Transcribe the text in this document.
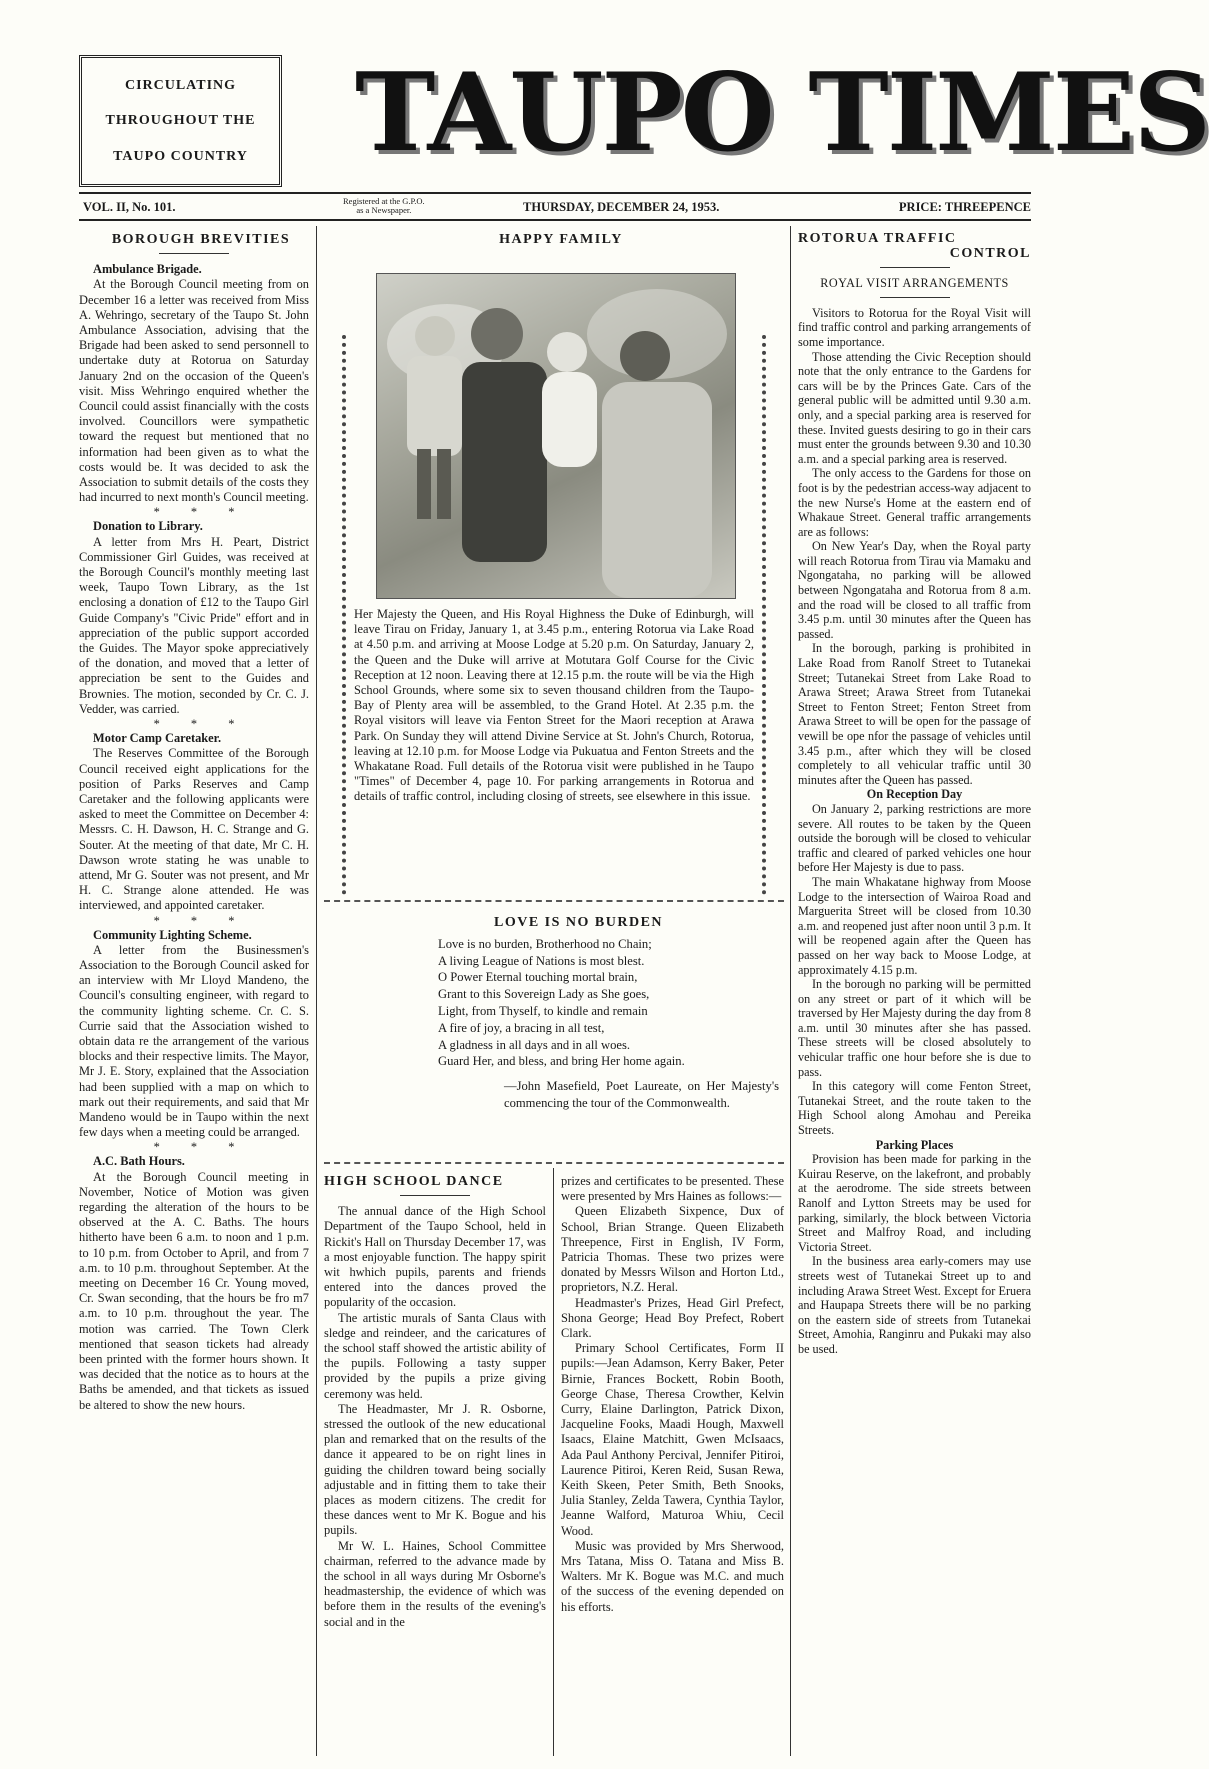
CIRCULATING
THROUGHOUT THE
TAUPO COUNTRY TAUPO TIMES
VOL. II, No. 101.	Registered at the G.P.O.
as a Newspaper.	THURSDAY, DECEMBER 24, 1953.	PRICE: THREEPENCE

BOROUGH BREVITIES

Ambulance Brigade.

At the Borough Council meeting from on December 16 a letter was received from Miss A. Wehringo, secretary of the Taupo St. John Ambulance Association, advising that the Brigade had been asked to send personnell to undertake duty at Rotorua on Saturday January 2nd on the occasion of the Queen's visit. Miss Wehringo enquired whether the Council could assist financially with the costs involved. Councillors were sympathetic toward the request but mentioned that no information had been given as to what the costs would be. It was decided to ask the Association to submit details of the costs they had incurred to next month's Council meeting.

* * *

Donation to Library.

A letter from Mrs H. Peart, District Commissioner Girl Guides, was received at the Borough Council's monthly meeting last week, Taupo Town Library, as the 1st enclosing a donation of £12 to the Taupo Girl Guide Company's "Civic Pride" effort and in appreciation of the public support accorded the Guides. The Mayor spoke appreciatively of the donation, and moved that a letter of appreciation be sent to the Guides and Brownies. The motion, seconded by Cr. C. J. Vedder, was carried.

* * *

Motor Camp Caretaker.

The Reserves Committee of the Borough Council received eight applications for the position of Parks Reserves and Camp Caretaker and the following applicants were asked to meet the Committee on December 4: Messrs. C. H. Dawson, H. C. Strange and G. Souter. At the meeting of that date, Mr C. H. Dawson wrote stating he was unable to attend, Mr G. Souter was not present, and Mr H. C. Strange alone attended. He was interviewed, and appointed caretaker.

* * *

Community Lighting Scheme.

A letter from the Businessmen's Association to the Borough Council asked for an interview with Mr Lloyd Mandeno, the Council's consulting engineer, with regard to the community lighting scheme. Cr. C. S. Currie said that the Association wished to obtain data re the arrangement of the various blocks and their respective limits. The Mayor, Mr J. E. Story, explained that the Association had been supplied with a map on which to mark out their requirements, and said that Mr Mandeno would be in Taupo within the next few days when a meeting could be arranged.

* * *

A.C. Bath Hours.

At the Borough Council meeting in November, Notice of Motion was given regarding the alteration of the hours to be observed at the A. C. Baths. The hours hitherto have been 6 a.m. to noon and 1 p.m. to 10 p.m. from October to April, and from 7 a.m. to 10 p.m. throughout September. At the meeting on December 16 Cr. Young moved, Cr. Swan seconding, that the hours be fro m7 a.m. to 10 p.m. throughout the year. The motion was carried. The Town Clerk mentioned that season tickets had already been printed with the former hours shown. It was decided that the notice as to hours at the Baths be amended, and that tickets as issued be altered to show the new hours.

HAPPY FAMILY

Her Majesty the Queen, and His Royal Highness the Duke of Edinburgh, will leave Tirau on Friday, January 1, at 3.45 p.m., entering Rotorua via Lake Road at 4.50 p.m. and arriving at Moose Lodge at 5.20 p.m. On Saturday, January 2, the Queen and the Duke will arrive at Motutara Golf Course for the Civic Reception at 12 noon. Leaving there at 12.15 p.m. the route will be via the High School Grounds, where some six to seven thousand children from the Taupo-Bay of Plenty area will be assembled, to the Grand Hotel. At 2.35 p.m. the Royal visitors will leave via Fenton Street for the Maori reception at Arawa Park. On Sunday they will attend Divine Service at St. John's Church, Rotorua, leaving at 12.10 p.m. for Moose Lodge via Pukuatua and Fenton Streets and the Whakatane Road. Full details of the Rotorua visit were published in he Taupo "Times" of December 4, page 10. For parking arrangements in Rotorua and details of traffic control, including closing of streets, see elsewhere in this issue.

LOVE IS NO BURDEN

Love is no burden, Brotherhood no Chain;

A living League of Nations is most blest.

O Power Eternal touching mortal brain,

Grant to this Sovereign Lady as She goes,

Light, from Thyself, to kindle and remain

A fire of joy, a bracing in all test,

A gladness in all days and in all woes.

Guard Her, and bless, and bring Her home again.

—John Masefield, Poet Laureate, on Her Majesty's commencing the tour of the Commonwealth.

HIGH SCHOOL DANCE

The annual dance of the High School Department of the Taupo School, held in Rickit's Hall on Thursday December 17, was a most enjoyable function. The happy spirit wit hwhich pupils, parents and friends entered into the dances proved the popularity of the occasion.

The artistic murals of Santa Claus with sledge and reindeer, and the caricatures of the school staff showed the artistic ability of the pupils. Following a tasty supper provided by the pupils a prize giving ceremony was held.

The Headmaster, Mr J. R. Osborne, stressed the outlook of the new educational plan and remarked that on the results of the dance it appeared to be on right lines in guiding the children toward being socially adjustable and in fitting them to take their places as modern citizens. The credit for these dances went to Mr K. Bogue and his pupils.

Mr W. L. Haines, School Committee chairman, referred to the advance made by the school in all ways during Mr Osborne's headmastership, the evidence of which was before them in the results of the evening's social and in the

prizes and certificates to be presented. These were presented by Mrs Haines as follows:—

Queen Elizabeth Sixpence, Dux of School, Brian Strange. Queen Elizabeth Threepence, First in English, IV Form, Patricia Thomas. These two prizes were donated by Messrs Wilson and Horton Ltd., proprietors, N.Z. Heral.

Headmaster's Prizes, Head Girl Prefect, Shona George; Head Boy Prefect, Robert Clark.

Primary School Certificates, Form II pupils:—Jean Adamson, Kerry Baker, Peter Birnie, Frances Bockett, Robin Booth, George Chase, Theresa Crowther, Kelvin Curry, Elaine Darlington, Patrick Dixon, Jacqueline Fooks, Maadi Hough, Maxwell Isaacs, Elaine Matchitt, Gwen McIsaacs, Ada Paul Anthony Percival, Jennifer Pitiroi, Laurence Pitiroi, Keren Reid, Susan Rewa, Keith Skeen, Peter Smith, Beth Snooks, Julia Stanley, Zelda Tawera, Cynthia Taylor, Jeanne Walford, Maturoa Whiu, Cecil Wood.

Music was provided by Mrs Sherwood, Mrs Tatana, Miss O. Tatana and Miss B. Walters. Mr K. Bogue was M.C. and much of the success of the evening depended on his efforts.

ROTORUA TRAFFIC

CONTROL

ROYAL VISIT ARRANGEMENTS

Visitors to Rotorua for the Royal Visit will find traffic control and parking arrangements of some importance.

Those attending the Civic Reception should note that the only entrance to the Gardens for cars will be by the Princes Gate. Cars of the general public will be admitted until 9.30 a.m. only, and a special parking area is reserved for these. Invited guests desiring to go in their cars must enter the grounds between 9.30 and 10.30 a.m. and a special parking area is reserved.

The only access to the Gardens for those on foot is by the pedestrian access-way adjacent to the new Nurse's Home at the eastern end of Whakaue Street. General traffic arrangements are as follows:

On New Year's Day, when the Royal party will reach Rotorua from Tirau via Mamaku and Ngongataha, no parking will be allowed between Ngongataha and Rotorua from 8 a.m. and the road will be closed to all traffic from 3.45 p.m. until 30 minutes after the Queen has passed.

In the borough, parking is prohibited in Lake Road from Ranolf Street to Tutanekai Street; Tutanekai Street from Lake Road to Arawa Street; Arawa Street from Tutanekai Street to Fenton Street; Fenton Street from Arawa Street to will be open for the passage of vewill be ope nfor the passage of vehicles until 3.45 p.m., after which they will be closed completely to all vehicular traffic until 30 minutes after the Queen has passed.

On Reception Day

On January 2, parking restrictions are more severe. All routes to be taken by the Queen outside the borough will be closed to vehicular traffic and cleared of parked vehicles one hour before Her Majesty is due to pass.

The main Whakatane highway from Moose Lodge to the intersection of Wairoa Road and Marguerita Street will be closed from 10.30 a.m. and reopened just after noon until 3 p.m. It will be reopened again after the Queen has passed on her way back to Moose Lodge, at approximately 4.15 p.m.

In the borough no parking will be permitted on any street or part of it which will be traversed by Her Majesty during the day from 8 a.m. until 30 minutes after she has passed. These streets will be closed absolutely to vehicular traffic one hour before she is due to pass.

In this category will come Fenton Street, Tutanekai Street, and the route taken to the High School along Amohau and Pereika Streets.

Parking Places

Provision has been made for parking in the Kuirau Reserve, on the lakefront, and probably at the aerodrome. The side streets between Ranolf and Lytton Streets may be used for parking, similarly, the block between Victoria Street and Malfroy Road, and including Victoria Street.

In the business area early-comers may use streets west of Tutanekai Street up to and including Arawa Street West. Except for Eruera and Haupapa Streets there will be no parking on the eastern side of streets from Tutanekai Street, Amohia, Ranginru and Pukaki may also be used.
